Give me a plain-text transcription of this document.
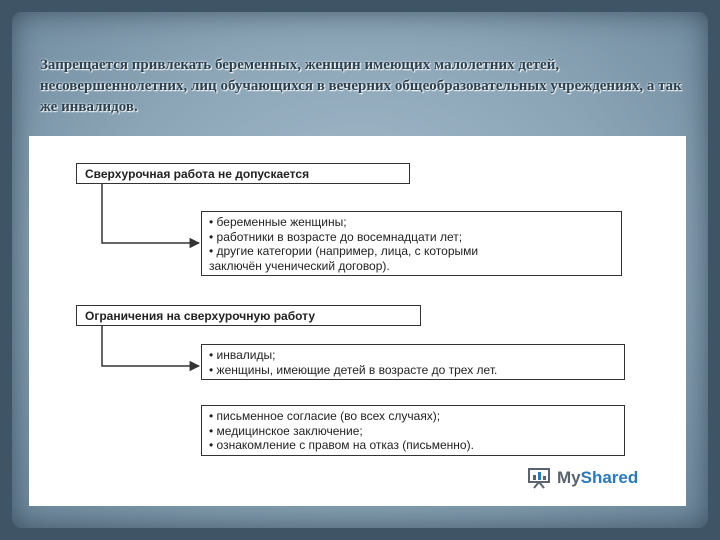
Запрещается привлекать беременных, женщин имеющих малолетних детей, несовершеннолетних, лиц обучающихся в вечерних общеобразовательных учреждениях, а так же инвалидов.

Сверхурочная работа не допускается
• беременные женщины;
• работники в возрасте до восемнадцати лет;
• другие категории (например, лица, с которыми
заключён ученический договор).
Ограничения на сверхурочную работу
• инвалиды;
• женщины, имеющие детей в возрасте до трех лет.
• письменное согласие (во всех случаях);
• медицинское заключение;
• ознакомление с правом на отказ (письменно).
MyShared
